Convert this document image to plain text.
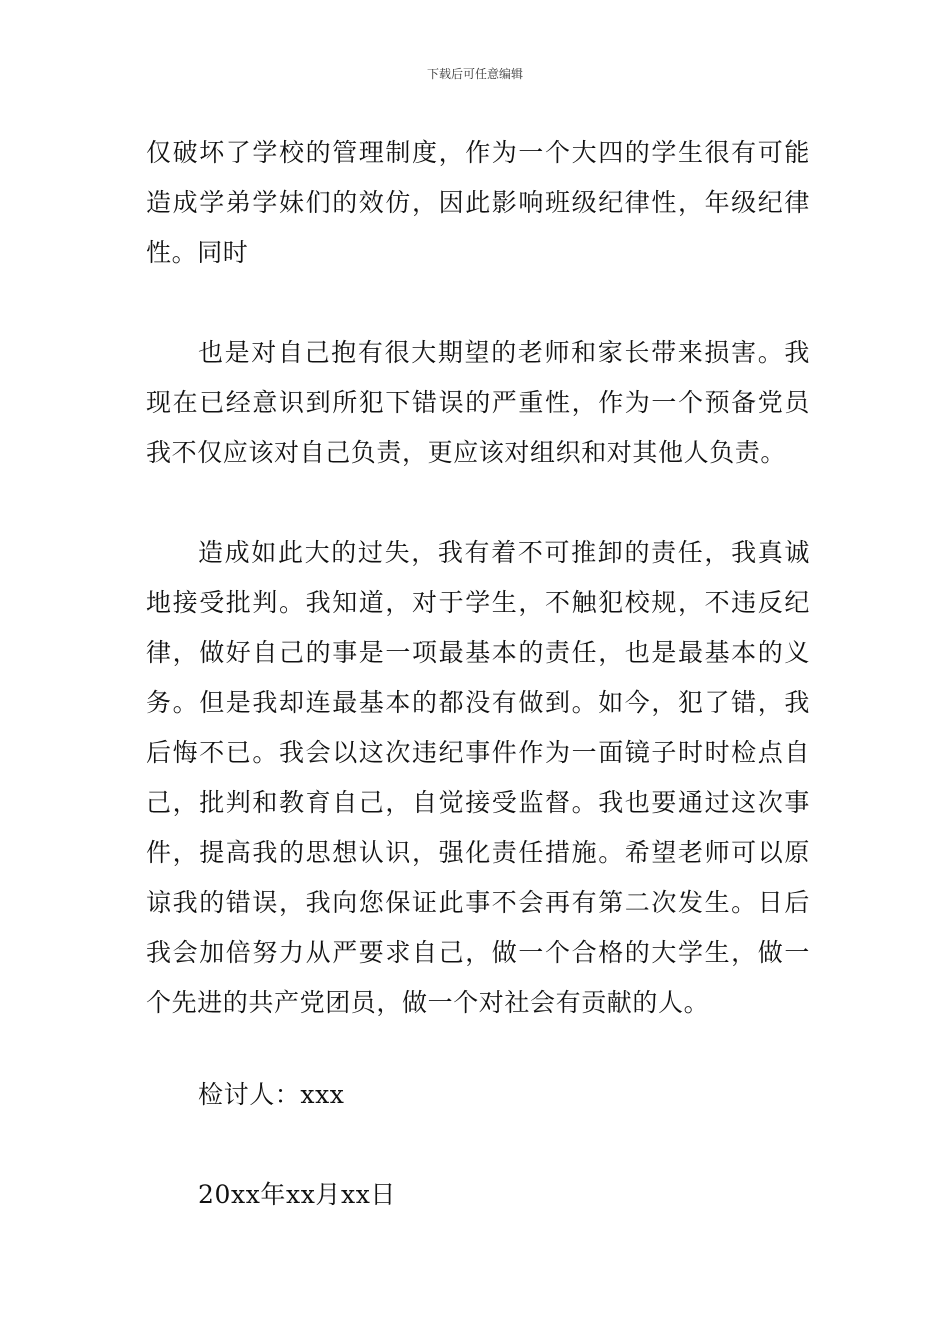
下载后可任意编辑

仅破坏了学校的管理制度，作为一个大四的学生很有可能造成学弟学妹们的效仿，因此影响班级纪律性，年级纪律性。同时

也是对自己抱有很大期望的老师和家长带来损害。我现在已经意识到所犯下错误的严重性，作为一个预备党员我不仅应该对自己负责，更应该对组织和对其他人负责。

造成如此大的过失，我有着不可推卸的责任，我真诚地接受批判。我知道，对于学生，不触犯校规，不违反纪律，做好自己的事是一项最基本的责任，也是最基本的义务。但是我却连最基本的都没有做到。如今，犯了错，我后悔不已。我会以这次违纪事件作为一面镜子时时检点自己，批判和教育自己，自觉接受监督。我也要通过这次事件，提高我的思想认识，强化责任措施。希望老师可以原谅我的错误，我向您保证此事不会再有第二次发生。日后我会加倍努力从严要求自己，做一个合格的大学生，做一个先进的共产党团员，做一个对社会有贡献的人。

检讨人：xxx

20xx年xx月xx日
